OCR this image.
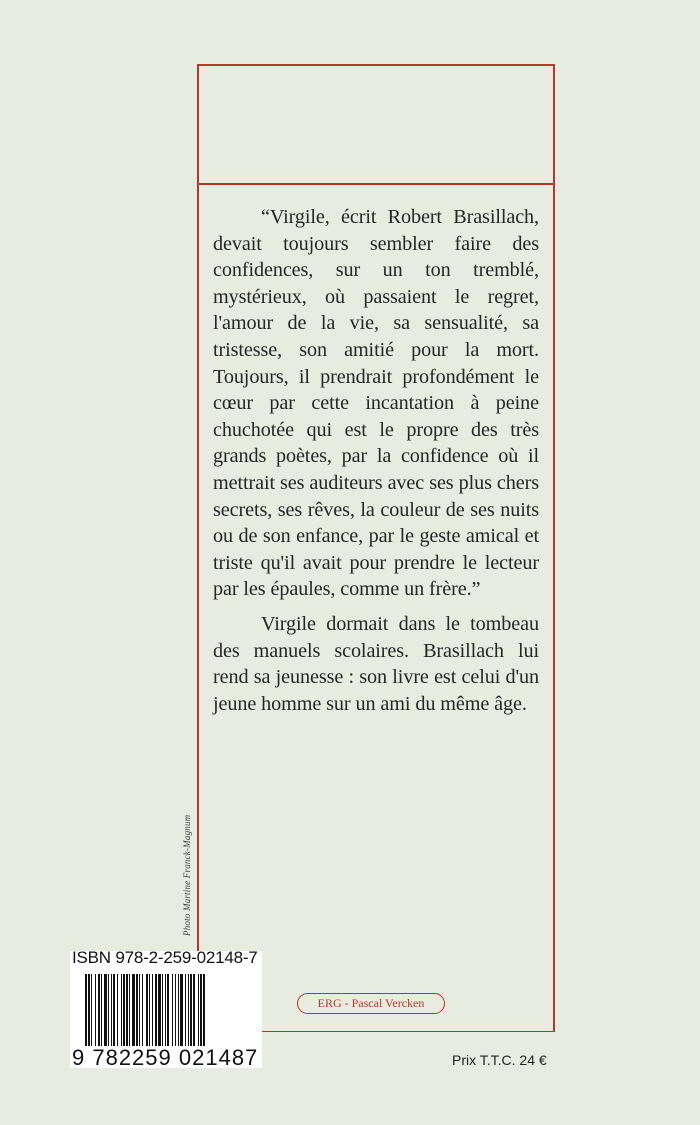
“Virgile, écrit Robert Brasillach, devait toujours sembler faire des confidences, sur un ton tremblé, mystérieux, où passaient le regret, l'amour de la vie, sa sensualité, sa tristesse, son amitié pour la mort. Toujours, il prendrait profondément le cœur par cette incantation à peine chuchotée qui est le propre des très grands poètes, par la confidence où il mettrait ses auditeurs avec ses plus chers secrets, ses rêves, la couleur de ses nuits ou de son enfance, par le geste amical et triste qu'il avait pour prendre le lecteur par les épaules, comme un frère.”

Virgile dormait dans le tombeau des manuels scolaires. Brasillach lui rend sa jeunesse : son livre est celui d'un jeune homme sur un ami du même âge.

Photo Martine Franck-Magnum
ERG - Pascal Vercken
ISBN 978-2-259-02148-7
9 782259 021487	Prix T.T.C. 24 €
